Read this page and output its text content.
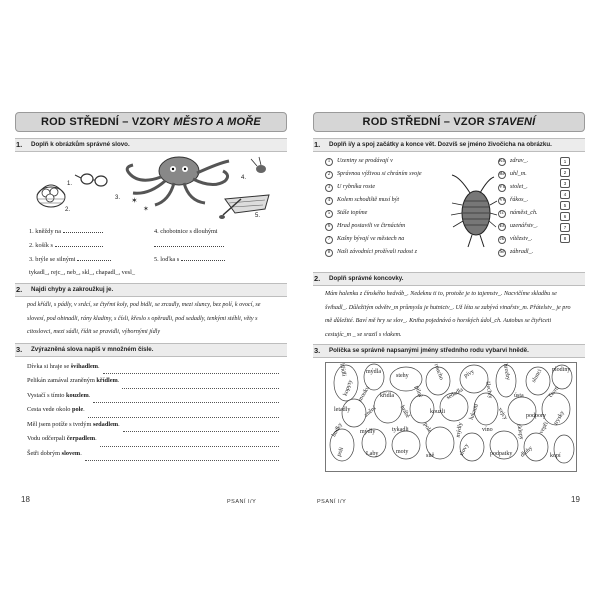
ROD STŘEDNÍ – VZORY MĚSTO A MOŘE
1.	Doplň k obrázkům správné slovo.
✶
✶
1.
2.
3.
4.
5.
1. kněždy na	4. chobotnice s dlouhými
2. košík s
3. brýle se silnými	5. loďka s
tykadl_, rejc_, neb_, skl_, chapadl_, vesl_
2.	Najdi chyby a zakroužkuj je.
pod křídli, s pádly, v srdcí, se čtyřmi koly, pod bidli, se zrcadly, mezi sluncy, bez polí, k ovocí, se slovesí, pod obinadli, rány kladiny, s čísli, křeslo s opěradli, pod sedadly, tenkými stébli, věty s citoslovci, mezi sádli, řídit se pravidli, výbornými jídly
3.	Zvýrazněná slova napiš v množném čísle.
Dívka si hraje se švihadlem.
Pelikán zamával zraněným křídlem.
Vystačí s tímto kouzlem.
Cesta vede okolo pole.
Měl jsem potíže s tvrdým sedadlem.
Vodu odčerpali čerpadlem.
Šetři dobrým slovem.
18	PSANÍ I/Y
ROD STŘEDNÍ – VZOR STAVENÍ
1.	Doplň i/y a spoj začátky a konce vět. Dozvíš se jméno živočicha na obrázku.
1	Uzeniny se prodávají v
2	Správnou výživou si chráním svoje
3	U rybníka roste
4	Kolem schodiště musí být
5	Stále topíme
6	Hrad postavili ve čtrnáctém
7	Kašny bývají ve městech na
8	Naši závodníci prožívali radost z
Ko zdrav_.
Re uhl_m.
Vn stolet_.
Vs řákos_.
Ic náměst_ch.
Eš uzenářstv_.
Jk vítězstv_.
Še zábradl_.
1
2
3
4
5
6
7
8
2.	Doplň správné koncovky.
Mám halenku z čínského hedváb_. Nedeknu ti to, protože je to tajemstv_. Nacvičíme skladbu se švihadl_. Důležitým odvětv_m průmyslu je hutnictv_. Už léta se zabývá vinařstv_m. Přátelstv_ je pro mě důležité. Baví mě hry se slov_. Kniha pojednává o horských údol_ch. Autobus se čtyřiceti cestujíc_m _ se srazil s vlakem.
3.	Políčka se správně napsanými jmény středního rodu vybarvi hnědě.
hřídli	mýdla
stehy	roucho	pívy	hrozby	slunci plodiny
kopyty mouku křídla	pilný	sedadla	šlechty	ústa	čtvrti
letadly znění	hrábě	kouzli	lukami	vejcy	podpory trysky
budky	mýdly	tykadli pole	mýdly	víno	sklepy vepři
poli	Laby	moty
sítě	slovy	podpatky dluhy	kopí
PSANÍ I/Y	19
